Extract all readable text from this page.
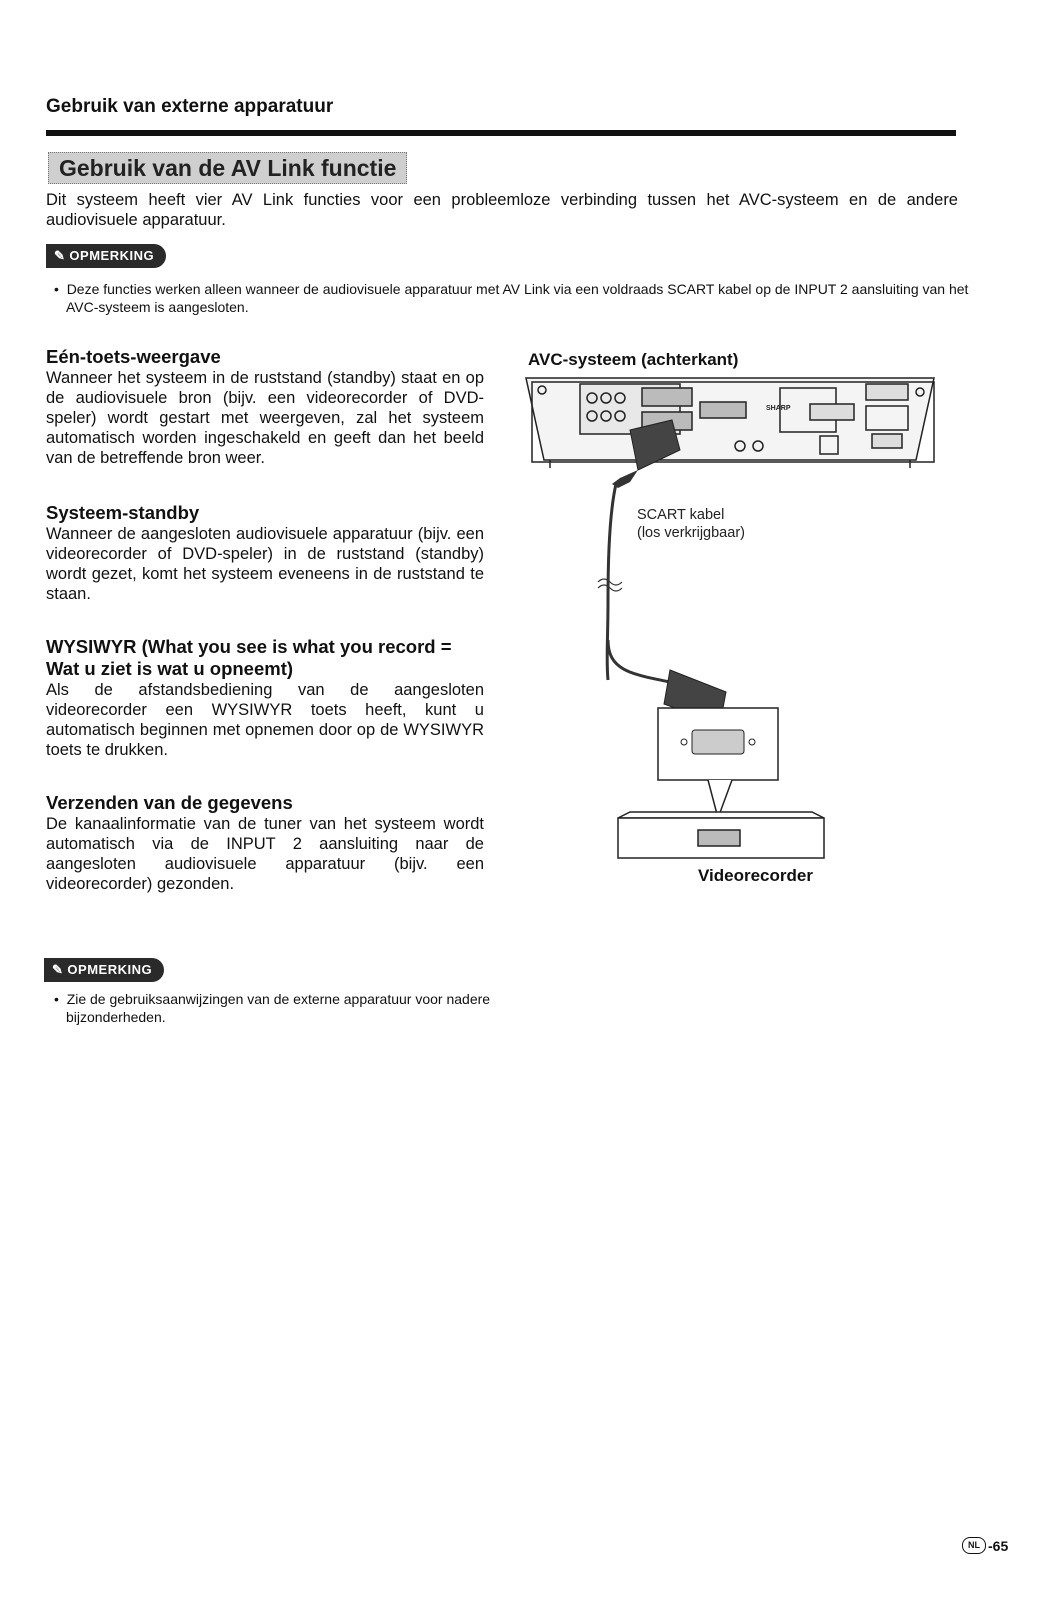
Gebruik van externe apparatuur
Gebruik van de AV Link functie
Dit systeem heeft vier AV Link functies voor een probleemloze verbinding tussen het AVC-systeem en de andere audiovisuele apparatuur.
✎ OPMERKING
•  Deze functies werken alleen wanneer de audiovisuele apparatuur met AV Link via een voldraads SCART kabel op de INPUT 2 aansluiting van het AVC-systeem is aangesloten.
Eén-toets-weergave
Wanneer het systeem in de ruststand (standby) staat en op de audiovisuele bron (bijv. een videorecorder of DVD-speler) wordt gestart met weergeven, zal het systeem automatisch worden ingeschakeld en geeft dan het beeld van de betreffende bron weer.
Systeem-standby
Wanneer de aangesloten audiovisuele apparatuur (bijv. een videorecorder of DVD-speler) in de ruststand (standby) wordt gezet, komt het systeem eveneens in de ruststand te staan.
WYSIWYR (What you see is what you record = Wat u ziet is wat u opneemt)
Als de afstandsbediening van de aangesloten videorecorder een WYSIWYR toets heeft, kunt u automatisch beginnen met opnemen door op de WYSIWYR toets te drukken.
Verzenden van de gegevens
De kanaalinformatie van de tuner van het systeem wordt automatisch via de INPUT 2 aansluiting naar de aangesloten audiovisuele apparatuur (bijv. een videorecorder) gezonden.
AVC-systeem (achterkant)
SHARP
SCART kabel
(los verkrijgbaar)
Videorecorder
✎ OPMERKING
•  Zie de gebruiksaanwijzingen van de externe apparatuur voor nadere bijzonderheden.
NL -65
